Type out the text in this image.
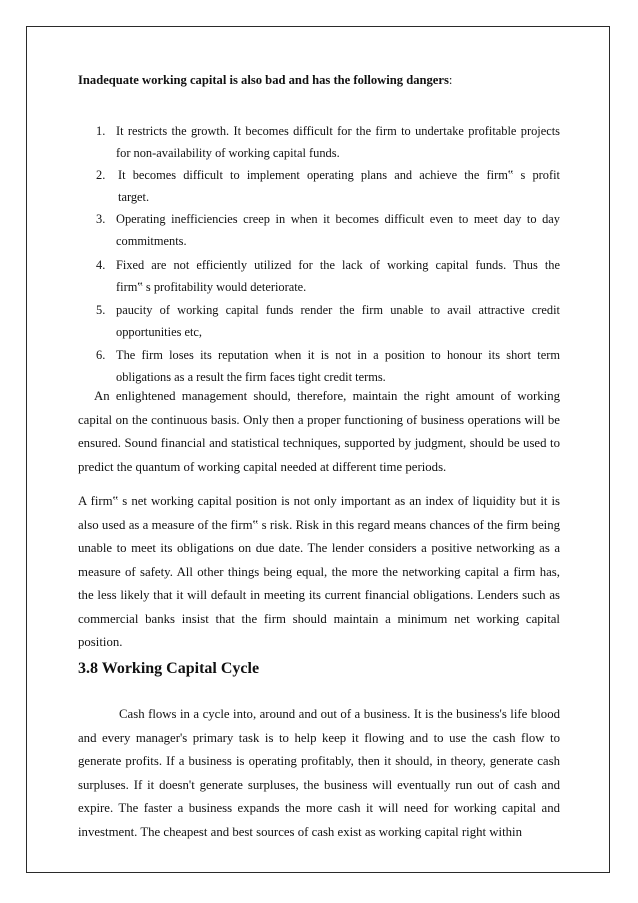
Inadequate working capital is also bad and has the following dangers:
1. It restricts the growth. It becomes difficult for the firm to undertake profitable projects
for non-availability of working capital funds.
2.	It becomes difficult to implement operating plans and achieve the firm‟ s profit
target.
3. Operating inefficiencies creep in when it becomes difficult even to meet day to day
commitments.
4. Fixed are not efficiently utilized for the lack of working capital funds. Thus the
firm‟ s profitability would deteriorate.
5. paucity of working capital funds render the firm unable to avail attractive credit
opportunities etc,
6. The firm loses its reputation when it is not in a position to honour its short term
obligations as a result the firm faces tight credit terms.
An enlightened management should, therefore, maintain the right amount of working
capital on the continuous basis. Only then a proper functioning of business operations will be
ensured. Sound financial and statistical techniques, supported by judgment, should be used to
predict the quantum of working capital needed at different time periods.
A firm‟ s net working capital position is not only important as an index of liquidity but it is
also used as a measure of the firm‟ s risk. Risk in this regard means chances of the firm being
unable to meet its obligations on due date. The lender considers a positive networking as a
measure of safety. All other things being equal, the more the networking capital a firm has,
the less likely that it will default in meeting its current financial obligations. Lenders such as
commercial banks insist that the firm should maintain a minimum net working capital
position.
3.8 Working Capital Cycle
Cash flows in a cycle into, around and out of a business. It is the business's life blood
and every manager's primary task is to help keep it flowing and to use the cash flow to
generate profits. If a business is operating profitably, then it should, in theory, generate cash
surpluses. If it doesn't generate surpluses, the business will eventually run out of cash and
expire. The faster a business expands the more cash it will need for working capital and
investment. The cheapest and best sources of cash exist as working capital right within
